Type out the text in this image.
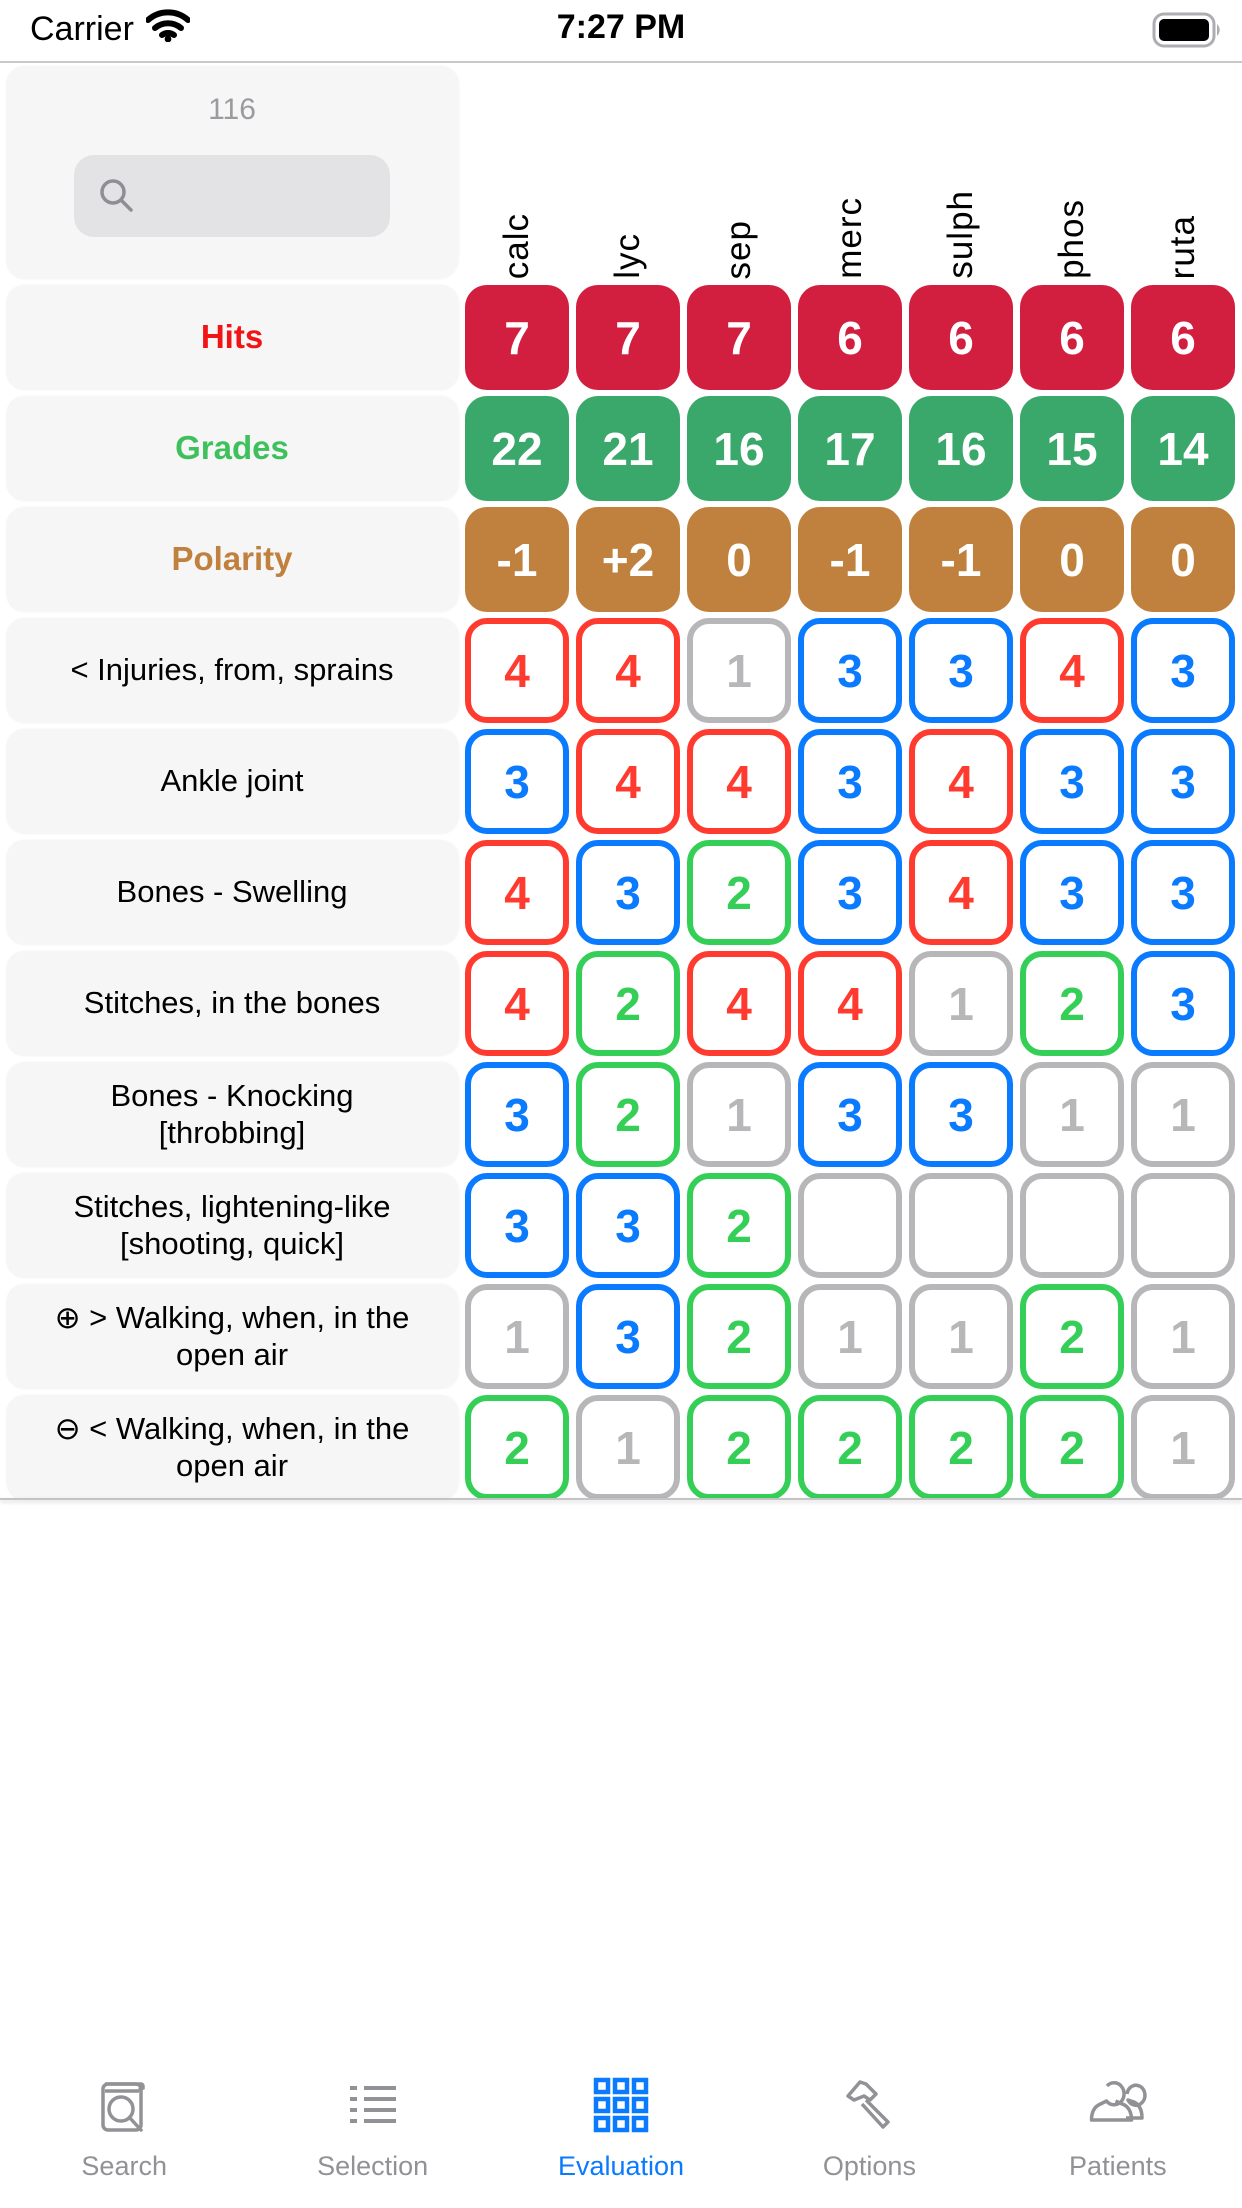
Carrier	7:27 PM
116
calc lyc sep merc sulph phos ruta
Hits	7	7	7	6	6	6	6
Grades	22	21	16	17	16	15	14
Polarity	-1	+2	0	-1	-1	0	0
< Injuries, from, sprains	4	4	1	3	3	4	3
Ankle joint	3	4	4	3	4	3	3
Bones - Swelling	4	3	2	3	4	3	3
Stitches, in the bones	4	2	4	4	1	2	3
Bones - Knocking [throbbing]	3	2	1	3	3	1	1
Stitches, lightening-like [shooting, quick]	3	3	2
⊕ > Walking, when, in the open air	1	3	2	1	1	2	1
⊖ < Walking, when, in the open air	2	1	2	2	2	2	1
Search	Selection	Evaluation	Options	Patients
